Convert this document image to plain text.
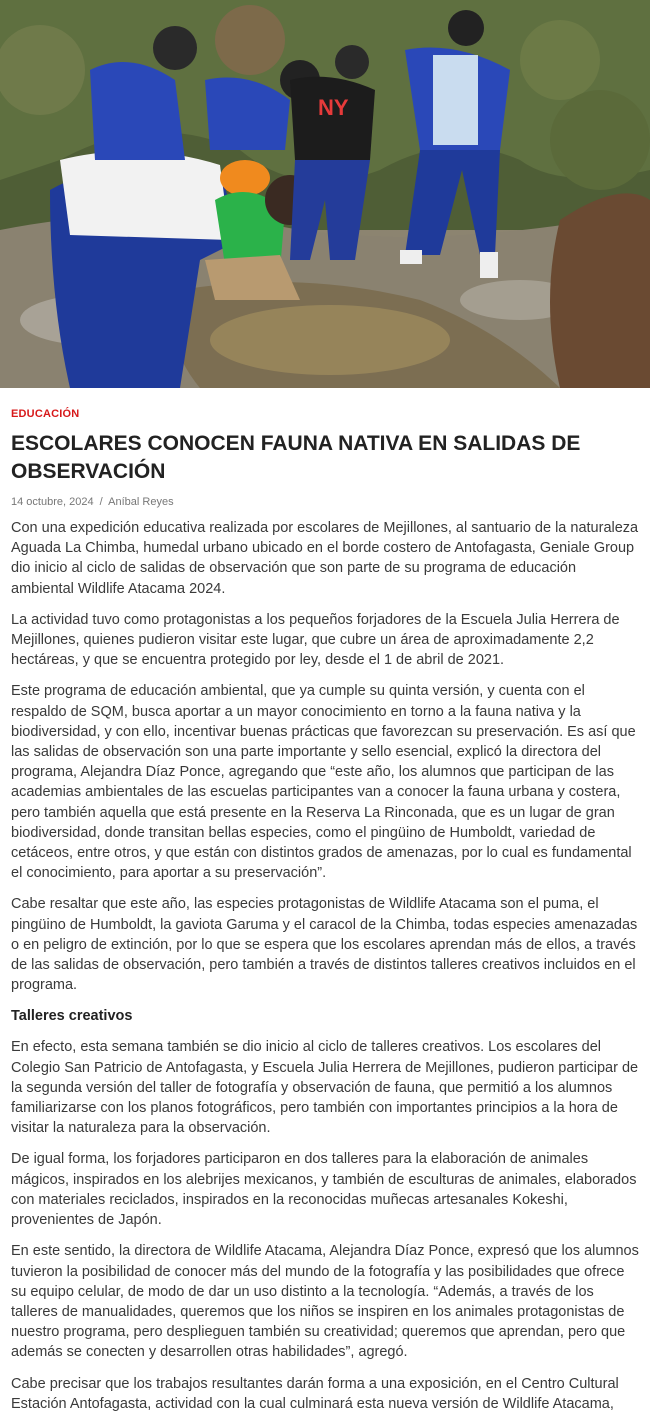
NY
EDUCACIÓN
ESCOLARES CONOCEN FAUNA NATIVA EN SALIDAS DE OBSERVACIÓN
14 octubre, 2024 / Aníbal Reyes

Con una expedición educativa realizada por escolares de Mejillones, al santuario de la naturaleza Aguada La Chimba, humedal urbano ubicado en el borde costero de Antofagasta, Geniale Group dio inicio al ciclo de salidas de observación que son parte de su programa de educación ambiental Wildlife Atacama 2024.

La actividad tuvo como protagonistas a los pequeños forjadores de la Escuela Julia Herrera de Mejillones, quienes pudieron visitar este lugar, que cubre un área de aproximadamente 2,2 hectáreas, y que se encuentra protegido por ley, desde el 1 de abril de 2021.

Este programa de educación ambiental, que ya cumple su quinta versión, y cuenta con el respaldo de SQM, busca aportar a un mayor conocimiento en torno a la fauna nativa y la biodiversidad, y con ello, incentivar buenas prácticas que favorezcan su preservación. Es así que las salidas de observación son una parte importante y sello esencial, explicó la directora del programa, Alejandra Díaz Ponce, agregando que “este año, los alumnos que participan de las academias ambientales de las escuelas participantes van a conocer la fauna urbana y costera, pero también aquella que está presente en la Reserva La Rinconada, que es un lugar de gran biodiversidad, donde transitan bellas especies, como el pingüino de Humboldt, variedad de cetáceos, entre otros, y que están con distintos grados de amenazas, por lo cual es fundamental el conocimiento, para aportar a su preservación”.

Cabe resaltar que este año, las especies protagonistas de Wildlife Atacama son el puma, el pingüino de Humboldt, la gaviota Garuma y el caracol de la Chimba, todas especies amenazadas o en peligro de extinción, por lo que se espera que los escolares aprendan más de ellos, a través de las salidas de observación, pero también a través de distintos talleres creativos incluidos en el programa.

Talleres creativos

En efecto, esta semana también se dio inicio al ciclo de talleres creativos. Los escolares del Colegio San Patricio de Antofagasta, y Escuela Julia Herrera de Mejillones, pudieron participar de la segunda versión del taller de fotografía y observación de fauna, que permitió a los alumnos familiarizarse con los planos fotográficos, pero también con importantes principios a la hora de visitar la naturaleza para la observación.

De igual forma, los forjadores participaron en dos talleres para la elaboración de animales mágicos, inspirados en los alebrijes mexicanos, y también de esculturas de animales, elaborados con materiales reciclados, inspirados en la reconocidas muñecas artesanales Kokeshi, provenientes de Japón.

En este sentido, la directora de Wildlife Atacama, Alejandra Díaz Ponce, expresó que los alumnos tuvieron la posibilidad de conocer más del mundo de la fotografía y las posibilidades que ofrece su equipo celular, de modo de dar un uso distinto a la tecnología. “Además, a través de los talleres de manualidades, queremos que los niños se inspiren en los animales protagonistas de nuestro programa, pero desplieguen también su creatividad; queremos que aprendan, pero que además se conecten y desarrollen otras habilidades”, agregó.

Cabe precisar que los trabajos resultantes darán forma a una exposición, en el Centro Cultural Estación Antofagasta, actividad con la cual culminará esta nueva versión de Wildlife Atacama,
